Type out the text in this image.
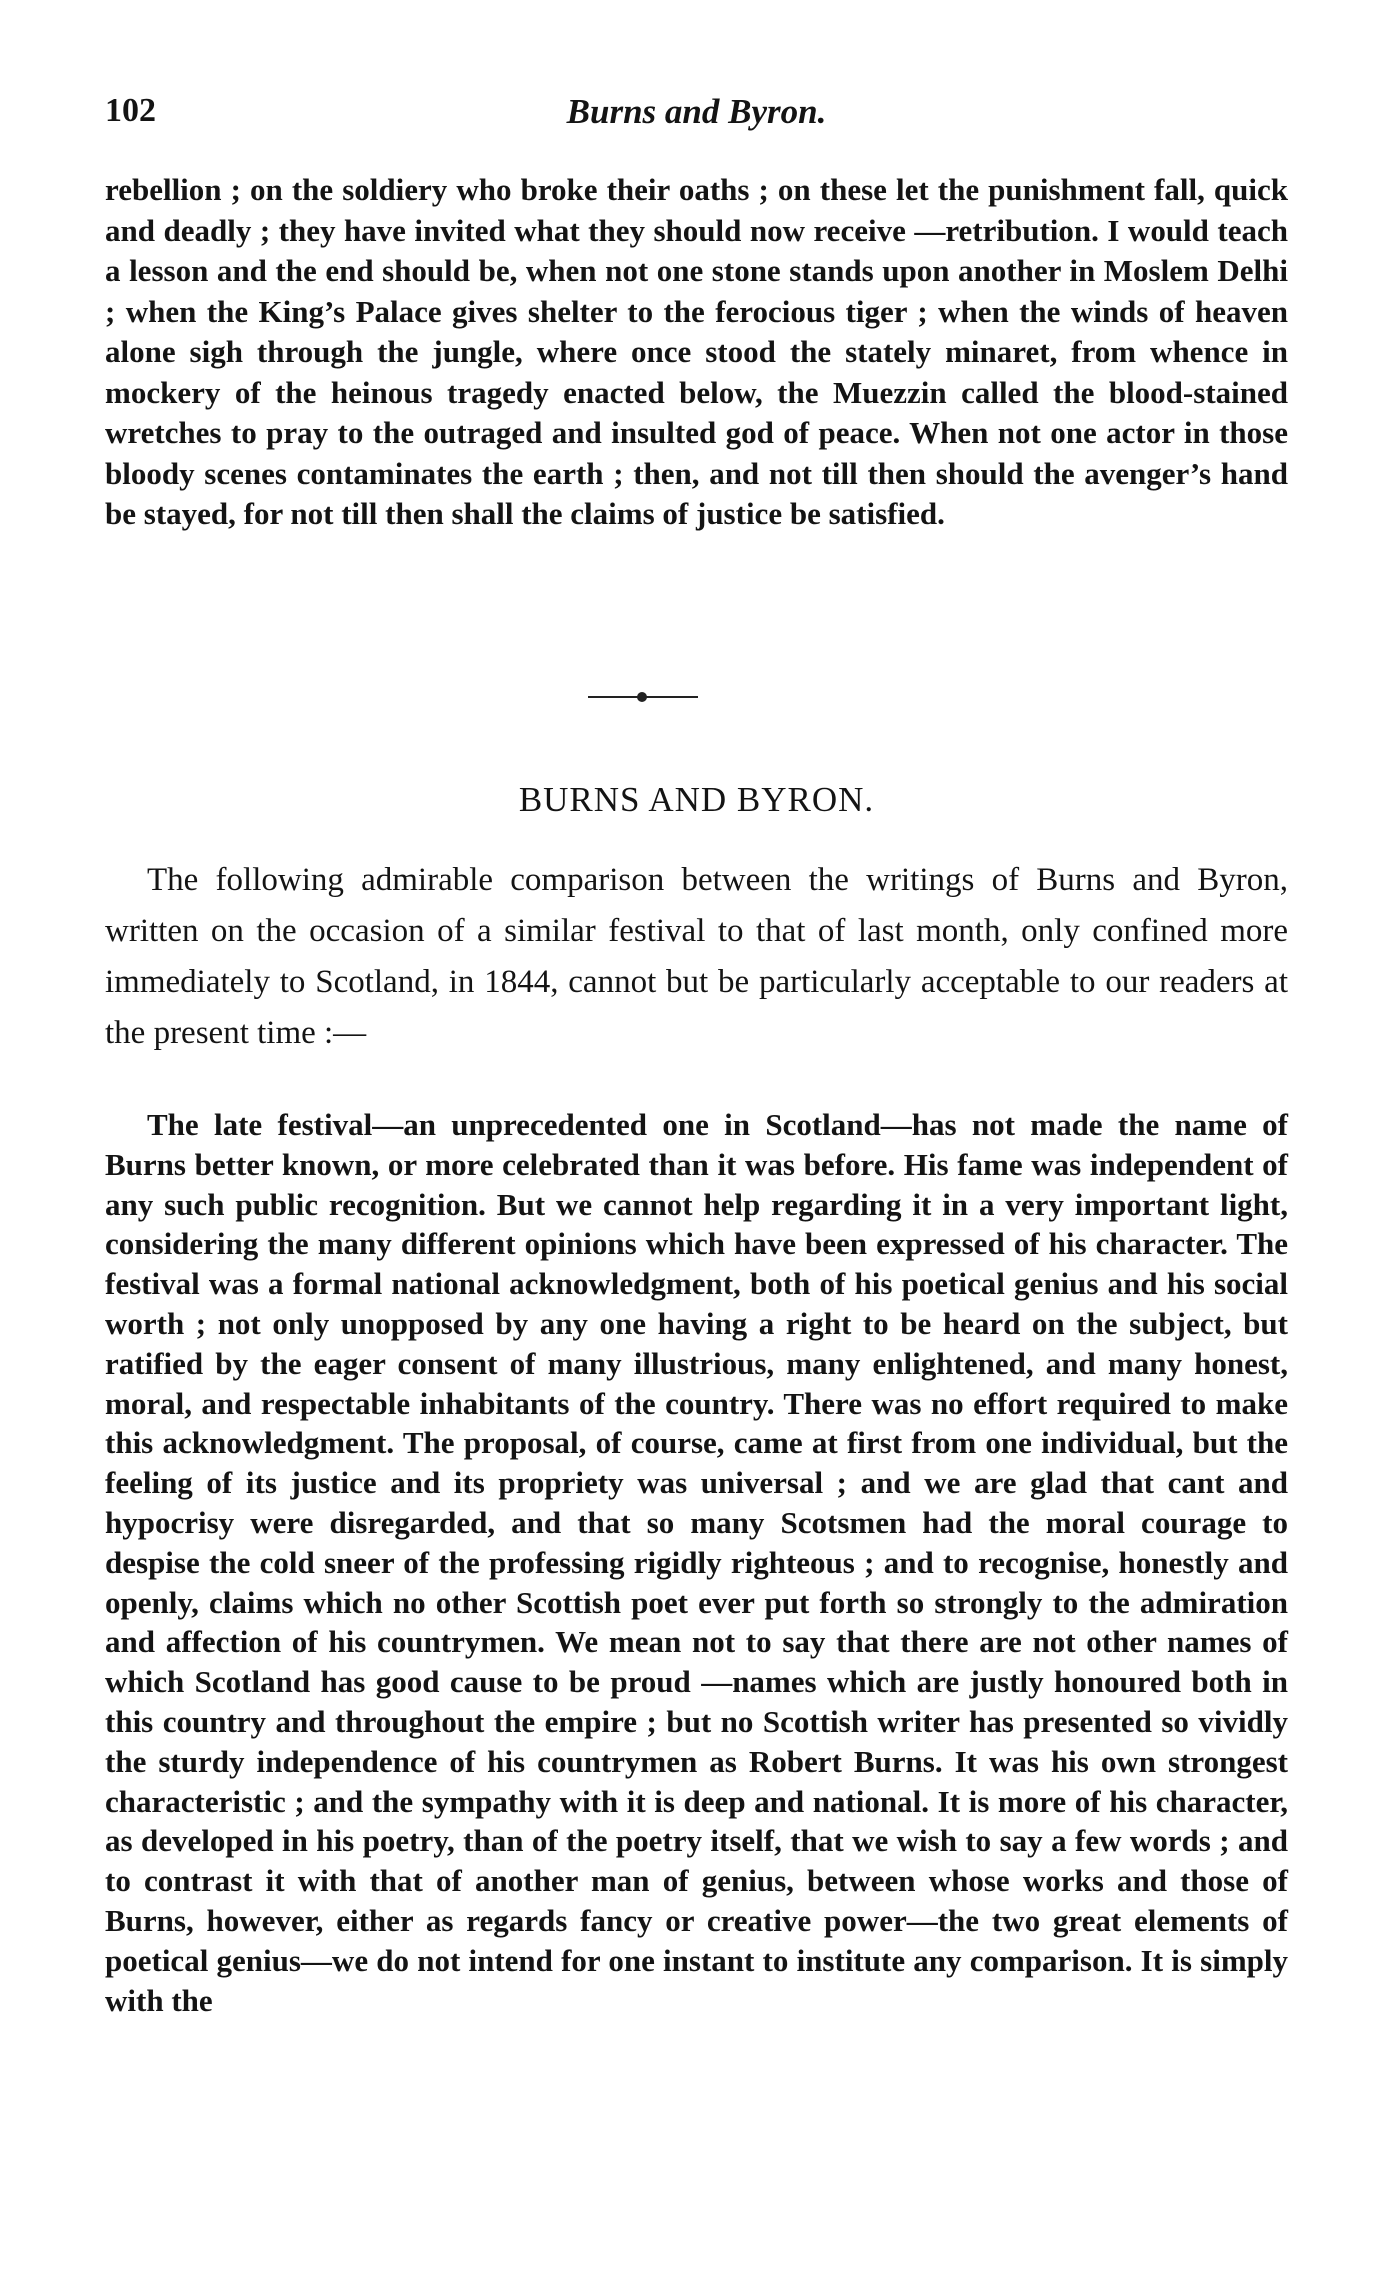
102	Burns and Byron.

rebellion ; on the soldiery who broke their oaths ; on these let the punishment fall, quick and deadly ; they have invited what they should now receive —retribution. I would teach a lesson and the end should be, when not one stone stands upon another in Moslem Delhi ; when the King’s Palace gives shelter to the ferocious tiger ; when the winds of heaven alone sigh through the jungle, where once stood the stately minaret, from whence in mockery of the heinous tragedy enacted below, the Muezzin called the blood-stained wretches to pray to the outraged and insulted god of peace. When not one actor in those bloody scenes contaminates the earth ; then, and not till then should the avenger’s hand be stayed, for not till then shall the claims of justice be satisfied.

BURNS AND BYRON.

The following admirable comparison between the writings of Burns and Byron, written on the occasion of a similar festival to that of last month, only confined more immediately to Scotland, in 1844, cannot but be particularly acceptable to our readers at the present time :—

The late festival—an unprecedented one in Scotland—has not made the name of Burns better known, or more celebrated than it was before. His fame was independent of any such public recognition. But we cannot help regarding it in a very important light, considering the many different opinions which have been expressed of his character. The festival was a formal national acknowledgment, both of his poetical genius and his social worth ; not only unopposed by any one having a right to be heard on the subject, but ratified by the eager consent of many illustrious, many enlightened, and many honest, moral, and respectable inhabitants of the country. There was no effort required to make this acknowledgment. The proposal, of course, came at first from one individual, but the feeling of its justice and its propriety was universal ; and we are glad that cant and hypocrisy were disregarded, and that so many Scotsmen had the moral courage to despise the cold sneer of the professing rigidly righteous ; and to recognise, honestly and openly, claims which no other Scottish poet ever put forth so strongly to the admiration and affection of his countrymen. We mean not to say that there are not other names of which Scotland has good cause to be proud —names which are justly honoured both in this country and throughout the empire ; but no Scottish writer has presented so vividly the sturdy independence of his countrymen as Robert Burns. It was his own strongest characteristic ; and the sympathy with it is deep and national. It is more of his character, as developed in his poetry, than of the poetry itself, that we wish to say a few words ; and to contrast it with that of another man of genius, between whose works and those of Burns, however, either as regards fancy or creative power—the two great elements of poetical genius—we do not intend for one instant to institute any comparison. It is simply with the
